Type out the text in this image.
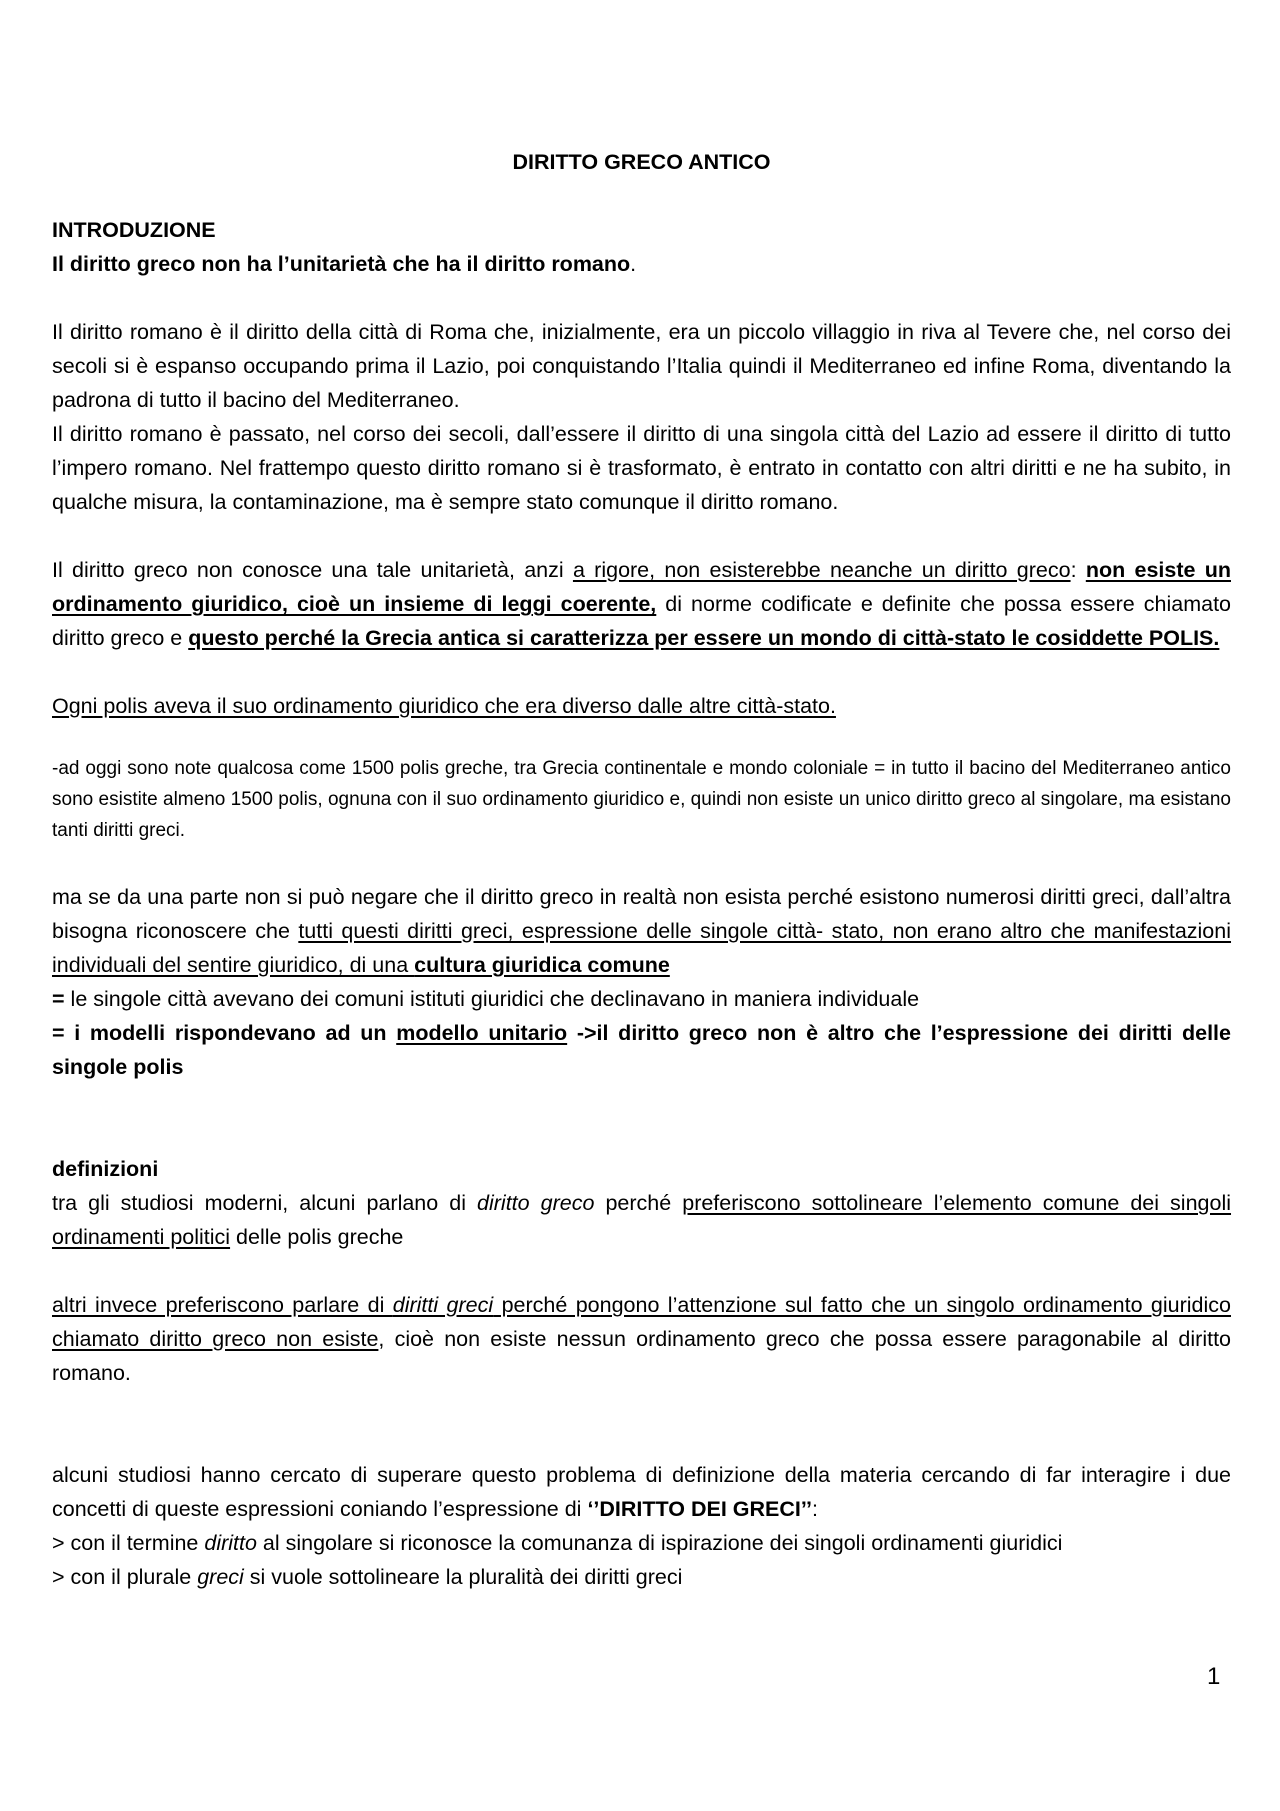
DIRITTO GRECO ANTICO

INTRODUZIONE

Il diritto greco non ha l’unitarietà che ha il diritto romano.

Il diritto romano è il diritto della città di Roma che, inizialmente, era un piccolo villaggio in riva al Tevere che, nel corso dei secoli si è espanso occupando prima il Lazio, poi conquistando l’Italia quindi il Mediterraneo ed infine Roma, diventando la padrona di tutto il bacino del Mediterraneo.

Il diritto romano è passato, nel corso dei secoli, dall’essere il diritto di una singola città del Lazio ad essere il diritto di tutto l’impero romano. Nel frattempo questo diritto romano si è trasformato, è entrato in contatto con altri diritti e ne ha subito, in qualche misura, la contaminazione, ma è sempre stato comunque il diritto romano.

Il diritto greco non conosce una tale unitarietà, anzi a rigore, non esisterebbe neanche un diritto greco: non esiste un ordinamento giuridico, cioè un insieme di leggi coerente, di norme codificate e definite che possa essere chiamato diritto greco e questo perché la Grecia antica si caratterizza per essere un mondo di città-stato le cosiddette POLIS.

Ogni polis aveva il suo ordinamento giuridico che era diverso dalle altre città-stato.

-ad oggi sono note qualcosa come 1500 polis greche, tra Grecia continentale e mondo coloniale = in tutto il bacino del Mediterraneo antico sono esistite almeno 1500 polis, ognuna con il suo ordinamento giuridico e, quindi non esiste un unico diritto greco al singolare, ma esistano tanti diritti greci.

ma se da una parte non si può negare che il diritto greco in realtà non esista perché esistono numerosi diritti greci, dall’altra bisogna riconoscere che tutti questi diritti greci, espressione delle singole città- stato, non erano altro che manifestazioni individuali del sentire giuridico, di una cultura giuridica comune

= le singole città avevano dei comuni istituti giuridici che declinavano in maniera individuale

= i modelli rispondevano ad un modello unitario ->il diritto greco non è altro che l’espressione dei diritti delle singole polis

definizioni

tra gli studiosi moderni, alcuni parlano di diritto greco perché preferiscono sottolineare l’elemento comune dei singoli ordinamenti politici delle polis greche

altri invece preferiscono parlare di diritti greci perché pongono l’attenzione sul fatto che un singolo ordinamento giuridico chiamato diritto greco non esiste, cioè non esiste nessun ordinamento greco che possa essere paragonabile al diritto romano.

alcuni studiosi hanno cercato di superare questo problema di definizione della materia cercando di far interagire i due concetti di queste espressioni coniando l’espressione di ‘’DIRITTO DEI GRECI’’:

> con il termine diritto al singolare si riconosce la comunanza di ispirazione dei singoli ordinamenti giuridici

> con il plurale greci si vuole sottolineare la pluralità dei diritti greci

1
